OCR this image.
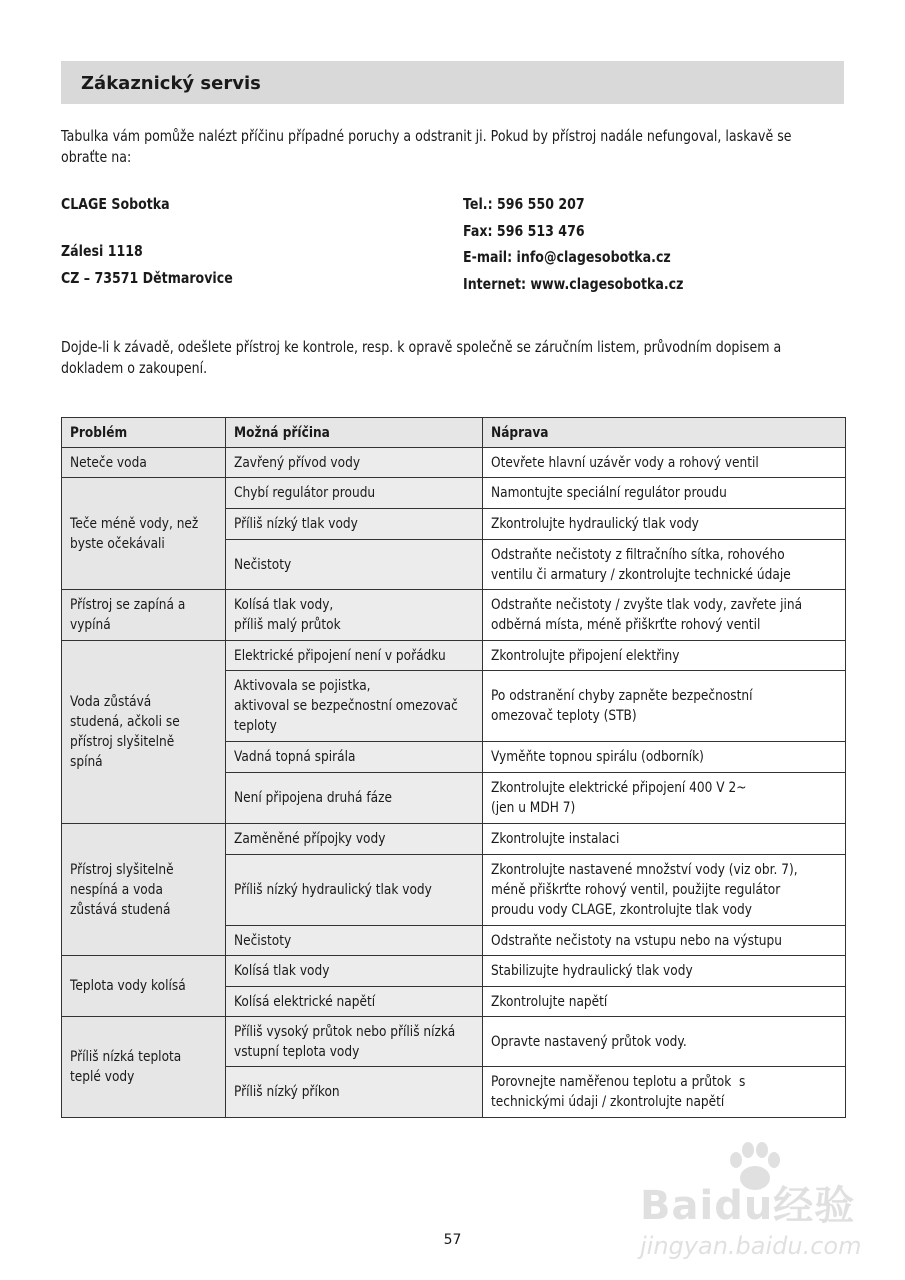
Zákaznický servis
Tabulka vám pomůže nalézt příčinu případné poruchy a odstranit ji. Pokud by přístroj nadále nefungoval, laskavě se
obraťte na:
CLAGE Sobotka
Zálesi 1118
CZ – 73571 Dětmarovice
Tel.: 596 550 207
Fax: 596 513 476
E-mail: info@clagesobotka.cz
Internet: www.clagesobotka.cz
Dojde-li k závadě, odešlete přístroj ke kontrole, resp. k opravě společně se záručním listem, průvodním dopisem a
dokladem o zakoupení.
Problém	Možná příčina	Náprava
Neteče voda	Zavřený přívod vody	Otevřete hlavní uzávěr vody a rohový ventil
Teče méně vody, než
byste očekávali	Chybí regulátor proudu	Namontujte speciální regulátor proudu
	Příliš nízký tlak vody	Zkontrolujte hydraulický tlak vody
	Nečistoty	Odstraňte nečistoty z filtračního sítka, rohového
ventilu či armatury / zkontrolujte technické údaje
Přístroj se zapíná a
vypíná	Kolísá tlak vody,
příliš malý průtok	Odstraňte nečistoty / zvyšte tlak vody, zavřete jiná
odběrná místa, méně přiškrťte rohový ventil
Voda zůstává
studená, ačkoli se
přístroj slyšitelně
spíná	Elektrické připojení není v pořádku	Zkontrolujte připojení elektřiny
	Aktivovala se pojistka,
aktivoval se bezpečnostní omezovač
teploty	Po odstranění chyby zapněte bezpečnostní
omezovač teploty (STB)
	Vadná topná spirála	Vyměňte topnou spirálu (odborník)
	Není připojena druhá fáze	Zkontrolujte elektrické připojení 400 V 2~
(jen u MDH 7)
Přístroj slyšitelně
nespíná a voda
zůstává studená	Zaměněné přípojky vody	Zkontrolujte instalaci
	Příliš nízký hydraulický tlak vody	Zkontrolujte nastavené množství vody (viz obr. 7),
méně přiškrťte rohový ventil, použijte regulátor
proudu vody CLAGE, zkontrolujte tlak vody
	Nečistoty	Odstraňte nečistoty na vstupu nebo na výstupu
Teplota vody kolísá	Kolísá tlak vody	Stabilizujte hydraulický tlak vody
	Kolísá elektrické napětí	Zkontrolujte napětí
Příliš nízká teplota
teplé vody	Příliš vysoký průtok nebo příliš nízká
vstupní teplota vody	Opravte nastavený průtok vody.
	Příliš nízký příkon	Porovnejte naměřenou teplotu a průtok  s
technickými údaji / zkontrolujte napětí
57
Baidu经验
jingyan.baidu.com
